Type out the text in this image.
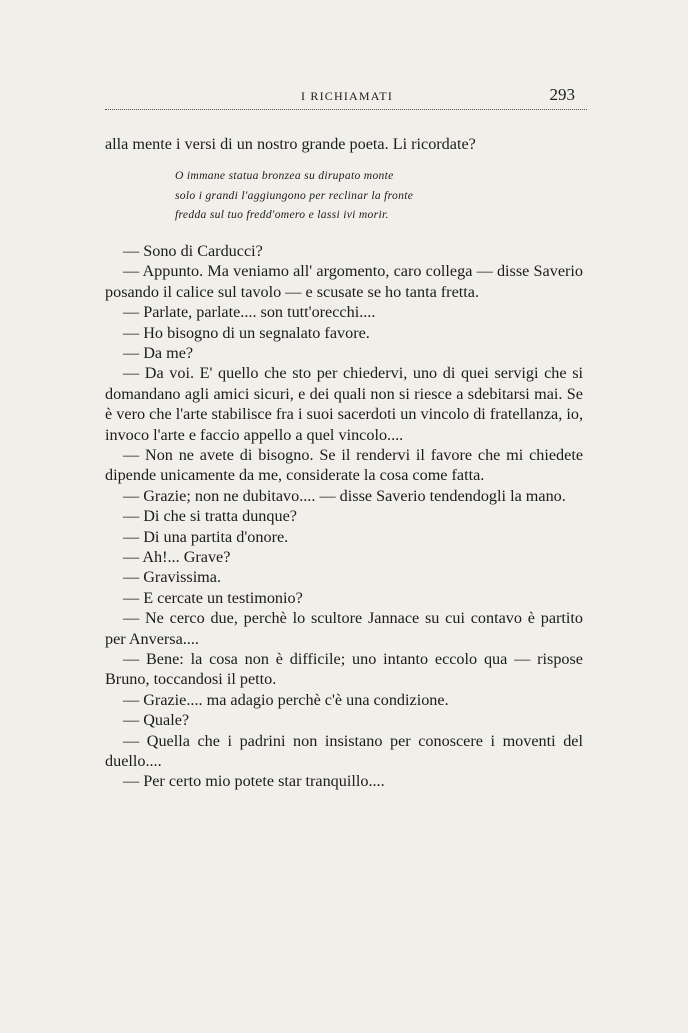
I RICHIAMATI	293

alla mente i versi di un nostro grande poeta. Li ricordate?

O immane statua bronzea su dirupato monte
solo i grandi l'aggiungono per reclinar la fronte
fredda sul tuo fredd'omero e lassi ivi morir.

— Sono di Carducci?

— Appunto. Ma veniamo all' argomento, caro collega — disse Saverio posando il calice sul tavolo — e scusate se ho tanta fretta.

— Parlate, parlate.... son tutt'orecchi....

— Ho bisogno di un segnalato favore.

— Da me?

— Da voi. E' quello che sto per chiedervi, uno di quei servigi che si domandano agli amici sicuri, e dei quali non si riesce a sdebitarsi mai. Se è vero che l'arte stabilisce fra i suoi sacerdoti un vincolo di fratellanza, io, invoco l'arte e faccio appello a quel vincolo....

— Non ne avete di bisogno. Se il rendervi il favore che mi chiedete dipende unicamente da me, considerate la cosa come fatta.

— Grazie; non ne dubitavo.... — disse Saverio tendendogli la mano.

— Di che si tratta dunque?

— Di una partita d'onore.

— Ah!... Grave?

— Gravissima.

— E cercate un testimonio?

— Ne cerco due, perchè lo scultore Jannace su cui contavo è partito per Anversa....

— Bene: la cosa non è difficile; uno intanto eccolo qua — rispose Bruno, toccandosi il petto.

— Grazie.... ma adagio perchè c'è una condizione.

— Quale?

— Quella che i padrini non insistano per conoscere i moventi del duello....

— Per certo mio potete star tranquillo....
